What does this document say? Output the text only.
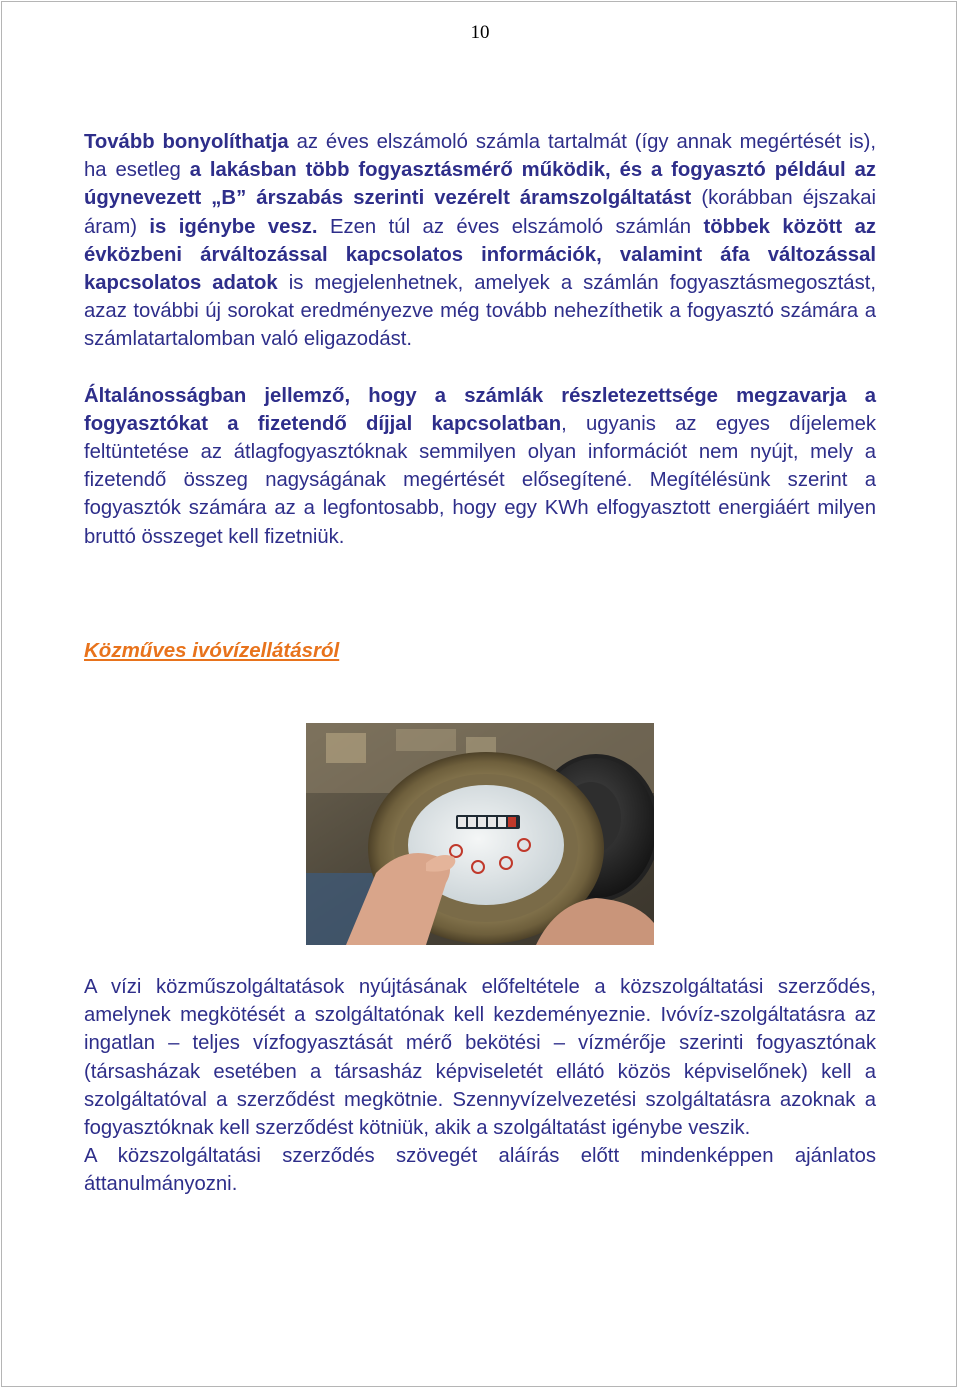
10

Tovább bonyolíthatja az éves elszámoló számla tartalmát (így annak megértését is), ha esetleg a lakásban több fogyasztásmérő működik, és a fogyasztó például az úgynevezett „B” árszabás szerinti vezérelt áramszolgáltatást (korábban éjszakai áram) is igénybe vesz. Ezen túl az éves elszámoló számlán többek között az évközbeni árváltozással kapcsolatos információk, valamint áfa változással kapcsolatos adatok is megjelenhetnek, amelyek a számlán fogyasztásmegosztást, azaz további új sorokat eredményezve még tovább nehezíthetik a fogyasztó számára a számlatartalomban való eligazodást.

Általánosságban jellemző, hogy a számlák részletezettsége megzavarja a fogyasztókat a fizetendő díjjal kapcsolatban, ugyanis az egyes díjelemek feltüntetése az átlagfogyasztóknak semmilyen olyan információt nem nyújt, mely a fizetendő összeg nagyságának megértését elősegítené. Megítélésünk szerint a fogyasztók számára az a legfontosabb, hogy egy KWh elfogyasztott energiáért milyen bruttó összeget kell fizetniük.

Közműves ivóvízellátásról

A vízi közműszolgáltatások nyújtásának előfeltétele a közszolgáltatási szerződés, amelynek megkötését a szolgáltatónak kell kezdeményeznie. Ivóvíz-szolgáltatásra az ingatlan – teljes vízfogyasztását mérő bekötési – vízmérője szerinti fogyasztónak (társasházak esetében a társasház képviseletét ellátó közös képviselőnek) kell a szolgáltatóval a szerződést megkötnie. Szennyvízelvezetési szolgáltatásra azoknak a fogyasztóknak kell szerződést kötniük, akik a szolgáltatást igénybe veszik.

A közszolgáltatási szerződés szövegét aláírás előtt mindenképpen ajánlatos áttanulmányozni.
